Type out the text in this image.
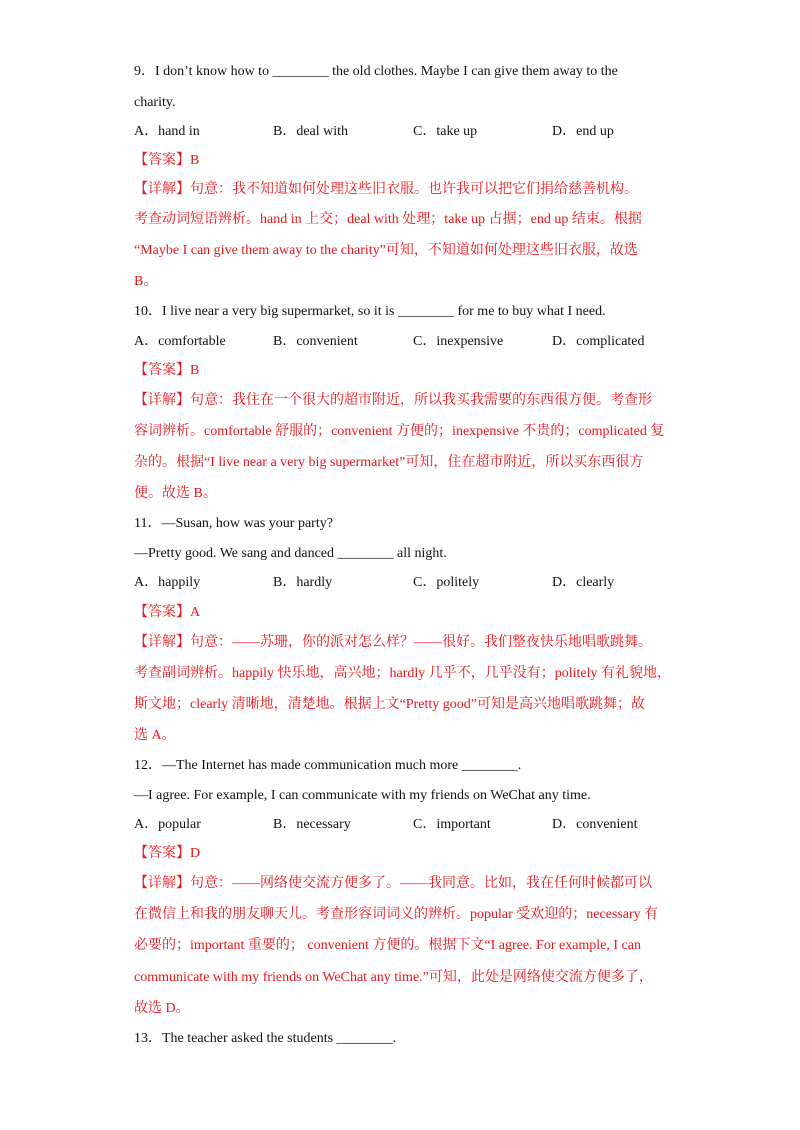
9．I don’t know how to ________ the old clothes. Maybe I can give them away to the
charity.
A．hand in	B．deal with	C．take up	D．end up
【答案】B
【详解】句意：我不知道如何处理这些旧衣服。也许我可以把它们捐给慈善机构。
考查动词短语辨析。hand in 上交；deal with 处理；take up 占据；end up 结束。根据
“Maybe I can give them away to the charity”可知，不知道如何处理这些旧衣服，故选
B。
10．I live near a very big supermarket, so it is ________ for me to buy what I need.
A．comfortable	B．convenient	C．inexpensive	D．complicated
【答案】B
【详解】句意：我住在一个很大的超市附近，所以我买我需要的东西很方便。考查形
容词辨析。comfortable 舒服的；convenient 方便的；inexpensive 不贵的；complicated 复
杂的。根据“I live near a very big supermarket”可知，住在超市附近，所以买东西很方
便。故选 B。
11．—Susan, how was your party?
—Pretty good. We sang and danced ________ all night.
A．happily	B．hardly	C．politely	D．clearly
【答案】A
【详解】句意：——苏珊，你的派对怎么样？——很好。我们整夜快乐地唱歌跳舞。
考查副词辨析。happily 快乐地，高兴地；hardly 几乎不，几乎没有；politely 有礼貌地，
斯文地；clearly 清晰地，清楚地。根据上文“Pretty good”可知是高兴地唱歌跳舞；故
选 A。
12．—The Internet has made communication much more ________.
—I agree. For example, I can communicate with my friends on WeChat any time.
A．popular	B．necessary	C．important	D．convenient
【答案】D
【详解】句意：——网络使交流方便多了。——我同意。比如，我在任何时候都可以
在微信上和我的朋友聊天儿。考查形容词词义的辨析。popular 受欢迎的；necessary 有
必要的；important 重要的； convenient 方便的。根据下文“I agree. For example, I can
communicate with my friends on WeChat any time.”可知，此处是网络使交流方便多了，
故选 D。
13．The teacher asked the students ________.
